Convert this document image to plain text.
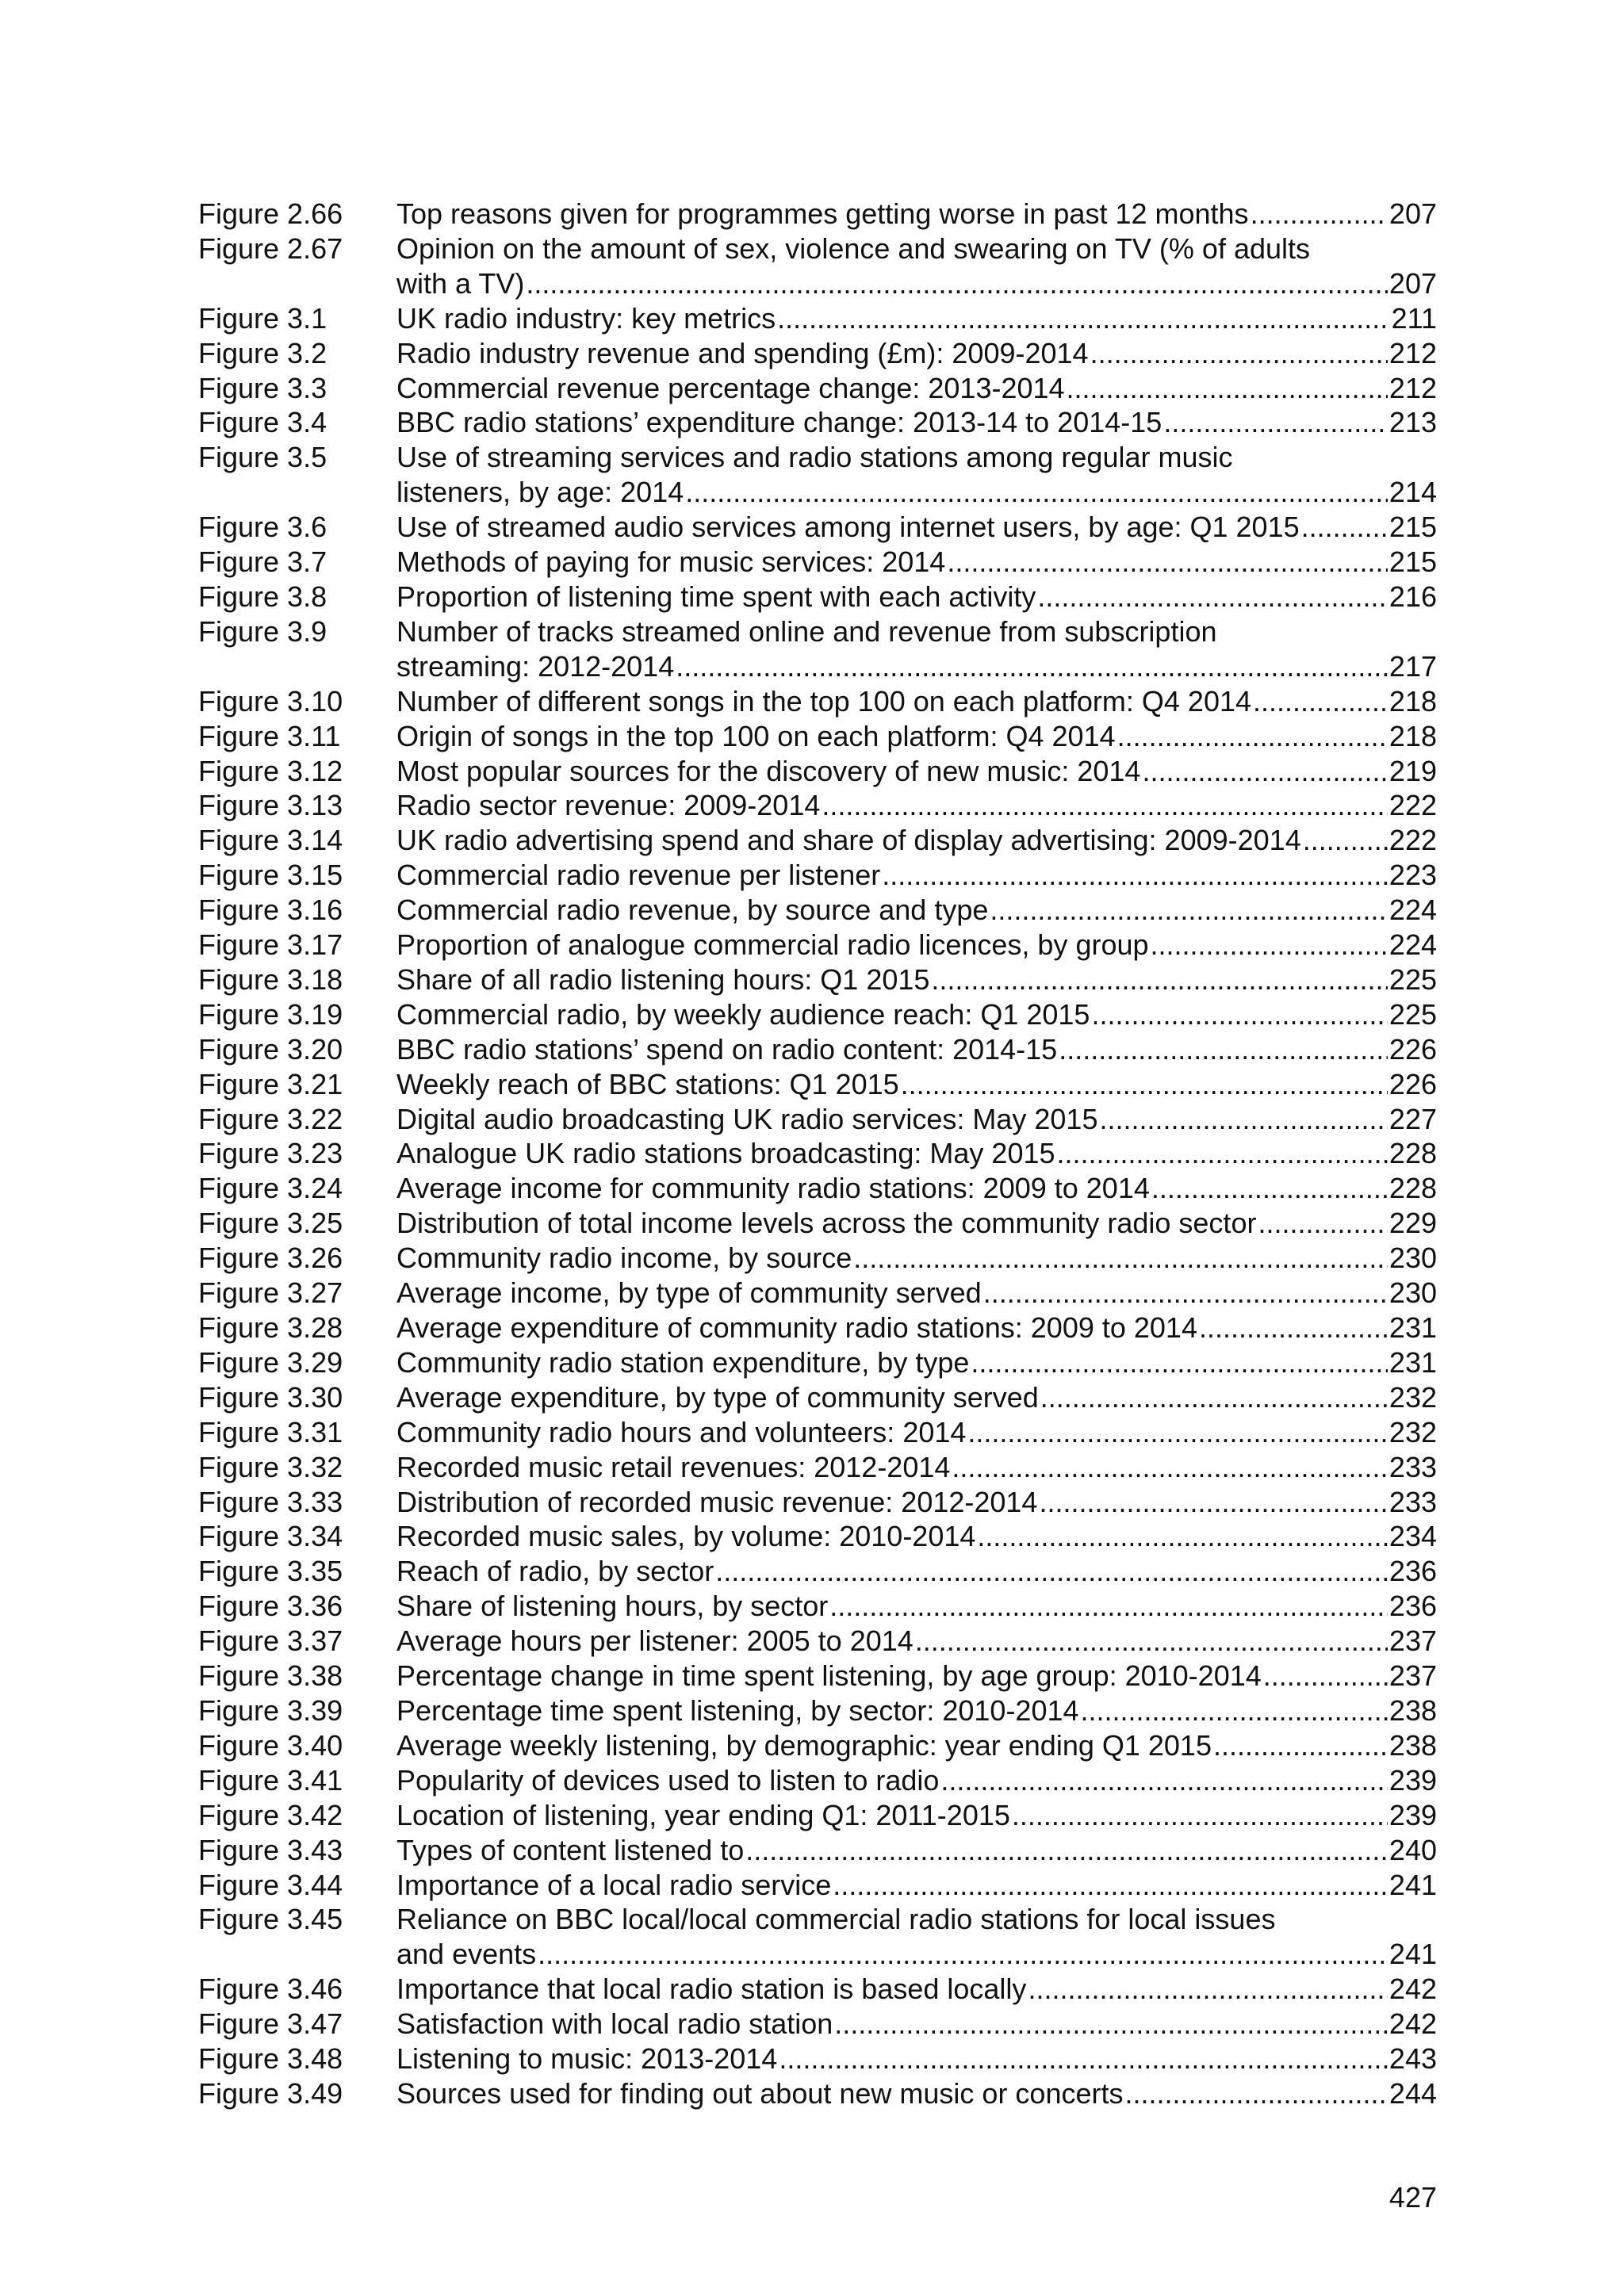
Figure 2.66	Top reasons given for programmes getting worse in past 12 months .....	207
Figure 2.67	Opinion on the amount of sex, violence and swearing on TV (% of adults
with a TV) .....	207
Figure 3.1	UK radio industry: key metrics .....	211
Figure 3.2	Radio industry revenue and spending (£m): 2009-2014 .....	212
Figure 3.3	Commercial revenue percentage change: 2013-2014 .....	212
Figure 3.4	BBC radio stations’ expenditure change: 2013-14 to 2014-15 .....	213
Figure 3.5	Use of streaming services and radio stations among regular music
listeners, by age: 2014 .....	214
Figure 3.6	Use of streamed audio services among internet users, by age: Q1 2015 .....	215
Figure 3.7	Methods of paying for music services: 2014 .....	215
Figure 3.8	Proportion of listening time spent with each activity .....	216
Figure 3.9	Number of tracks streamed online and revenue from subscription
streaming: 2012-2014 .....	217
Figure 3.10	Number of different songs in the top 100 on each platform: Q4 2014 .....	218
Figure 3.11	Origin of songs in the top 100 on each platform: Q4 2014 .....	218
Figure 3.12	Most popular sources for the discovery of new music: 2014 .....	219
Figure 3.13	Radio sector revenue: 2009-2014 .....	222
Figure 3.14	UK radio advertising spend and share of display advertising: 2009-2014 .....	222
Figure 3.15	Commercial radio revenue per listener .....	223
Figure 3.16	Commercial radio revenue, by source and type .....	224
Figure 3.17	Proportion of analogue commercial radio licences, by group .....	224
Figure 3.18	Share of all radio listening hours: Q1 2015 .....	225
Figure 3.19	Commercial radio, by weekly audience reach: Q1 2015 .....	225
Figure 3.20	BBC radio stations’ spend on radio content: 2014-15 .....	226
Figure 3.21	Weekly reach of BBC stations: Q1 2015 .....	226
Figure 3.22	Digital audio broadcasting UK radio services: May 2015 .....	227
Figure 3.23	Analogue UK radio stations broadcasting: May 2015 .....	228
Figure 3.24	Average income for community radio stations: 2009 to 2014 .....	228
Figure 3.25	Distribution of total income levels across the community radio sector .....	229
Figure 3.26	Community radio income, by source .....	230
Figure 3.27	Average income, by type of community served .....	230
Figure 3.28	Average expenditure of community radio stations: 2009 to 2014 .....	231
Figure 3.29	Community radio station expenditure, by type .....	231
Figure 3.30	Average expenditure, by type of community served .....	232
Figure 3.31	Community radio hours and volunteers: 2014 .....	232
Figure 3.32	Recorded music retail revenues: 2012-2014 .....	233
Figure 3.33	Distribution of recorded music revenue: 2012-2014 .....	233
Figure 3.34	Recorded music sales, by volume: 2010-2014 .....	234
Figure 3.35	Reach of radio, by sector .....	236
Figure 3.36	Share of listening hours, by sector .....	236
Figure 3.37	Average hours per listener: 2005 to 2014 .....	237
Figure 3.38	Percentage change in time spent listening, by age group: 2010-2014 .....	237
Figure 3.39	Percentage time spent listening, by sector: 2010-2014 .....	238
Figure 3.40	Average weekly listening, by demographic: year ending Q1 2015 .....	238
Figure 3.41	Popularity of devices used to listen to radio .....	239
Figure 3.42	Location of listening, year ending Q1: 2011-2015 .....	239
Figure 3.43	Types of content listened to .....	240
Figure 3.44	Importance of a local radio service .....	241
Figure 3.45	Reliance on BBC local/local commercial radio stations for local issues
and events .....	241
Figure 3.46	Importance that local radio station is based locally .....	242
Figure 3.47	Satisfaction with local radio station .....	242
Figure 3.48	Listening to music: 2013-2014 .....	243
Figure 3.49	Sources used for finding out about new music or concerts .....	244
427
